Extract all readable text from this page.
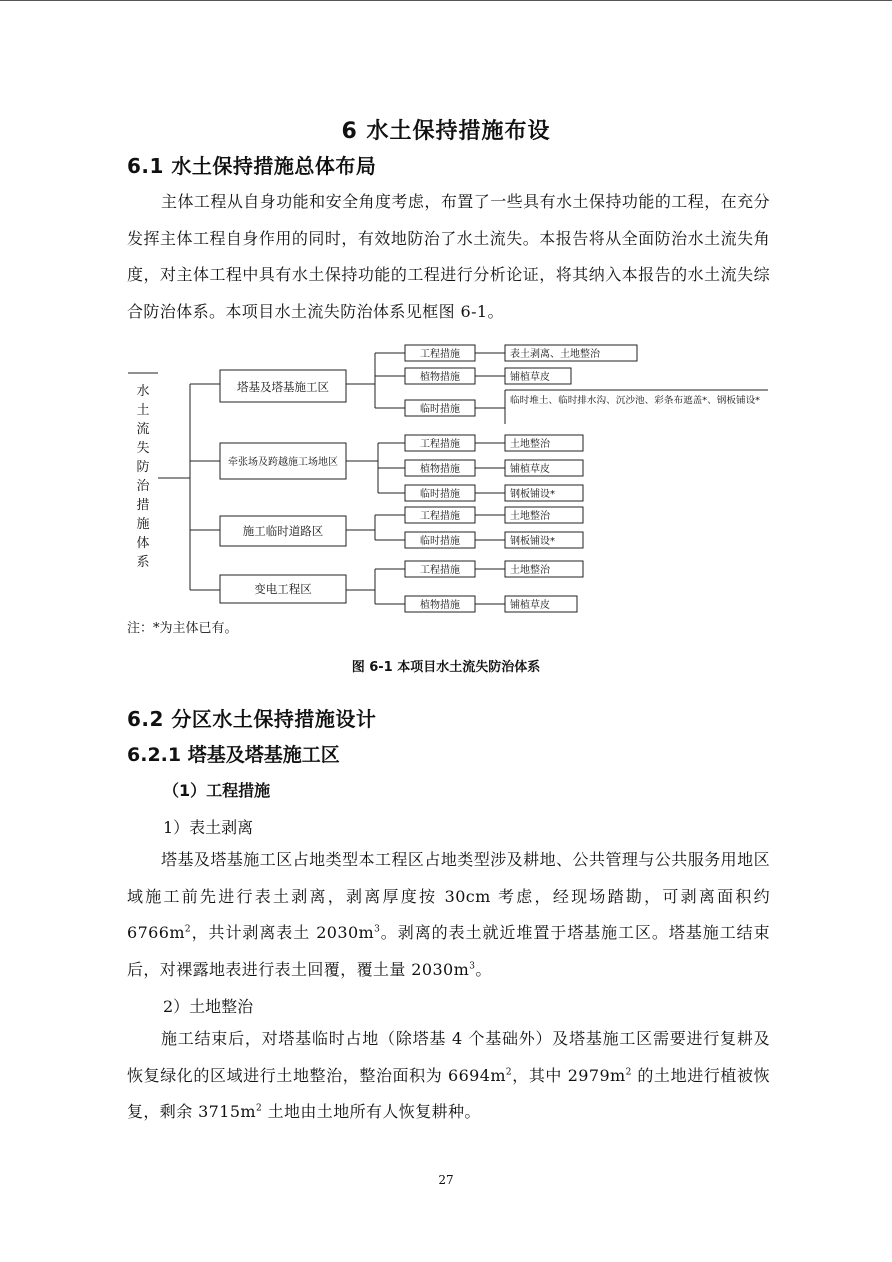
6 水土保持措施布设
6.1 水土保持措施总体布局

主体工程从自身功能和安全角度考虑，布置了一些具有水土保持功能的工程，在充分发挥主体工程自身作用的同时，有效地防治了水土流失。本报告将从全面防治水土流失角度，对主体工程中具有水土保持功能的工程进行分析论证，将其纳入本报告的水土流失综合防治体系。本项目水土流失防治体系见框图 6-1。

水
土
流
失
防
治
措
施
体
系
塔基及塔基施工区
牵张场及跨越施工场地区
施工临时道路区
变电工程区
工程措施
植物措施
临时措施
表土剥离、土地整治
铺植草皮
临时堆土、临时排水沟、沉沙池、彩条布遮盖*、钢板铺设*
工程措施
植物措施
临时措施
土地整治
铺植草皮
钢板铺设*
工程措施
临时措施
土地整治
钢板铺设*
工程措施
植物措施
土地整治
铺植草皮
注：*为主体已有。
图 6-1 本项目水土流失防治体系
6.2 分区水土保持措施设计
6.2.1 塔基及塔基施工区
（1）工程措施
1）表土剥离

塔基及塔基施工区占地类型本工程区占地类型涉及耕地、公共管理与公共服务用地区域施工前先进行表土剥离，剥离厚度按 30cm 考虑，经现场踏勘，可剥离面积约 $6766m^2$，共计剥离表土 $2030m^3$。剥离的表土就近堆置于塔基施工区。塔基施工结束后，对裸露地表进行表土回覆，覆土量 $2030m^3$。

2）土地整治

施工结束后，对塔基临时占地（除塔基 4 个基础外）及塔基施工区需要进行复耕及恢复绿化的区域进行土地整治，整治面积为 $6694m^2$，其中 $2979m^2$ 的土地进行植被恢复，剩余 $3715m^2$ 土地由土地所有人恢复耕种。

27
